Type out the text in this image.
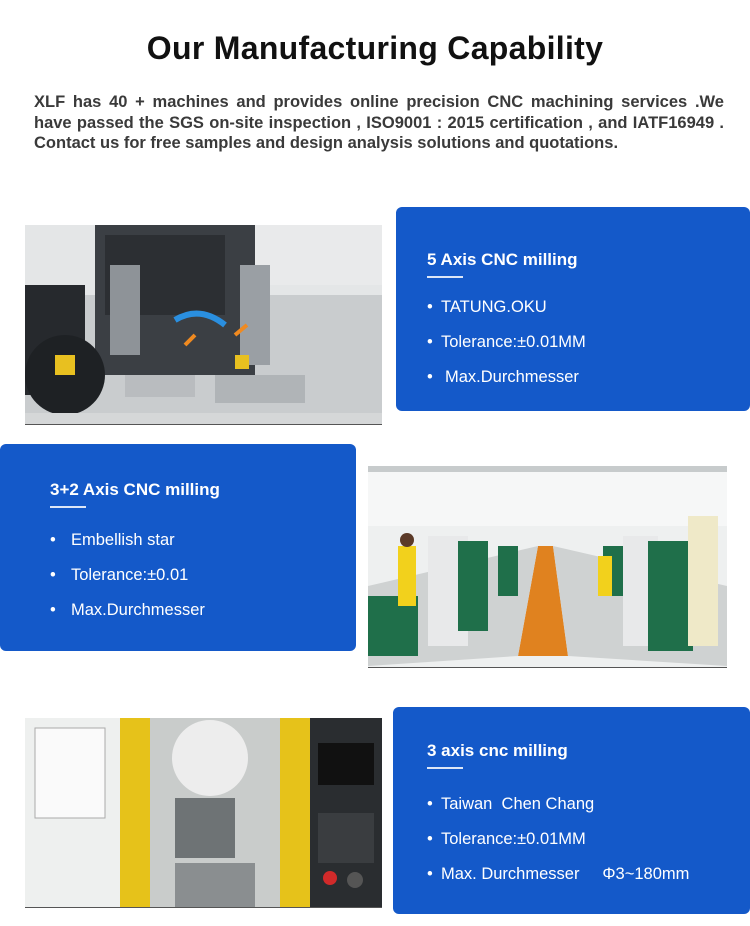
Our Manufacturing Capability
XLF has 40 + machines and provides online precision CNC machining services .We have passed the SGS on-site inspection , ISO9001 : 2015 certification , and IATF16949 . Contact us for free samples and design analysis solutions and quotations.
5 Axis CNC milling
• TATUNG.OKU
• Tolerance:±0.01MM
• Max.Durchmesser
3+2 Axis CNC milling
• Embellish star
• Tolerance:±0.01
• Max.Durchmesser
3 axis cnc milling
• Taiwan  Chen Chang
• Tolerance:±0.01MM
• Max. Durchmesser     Φ3~180mm
